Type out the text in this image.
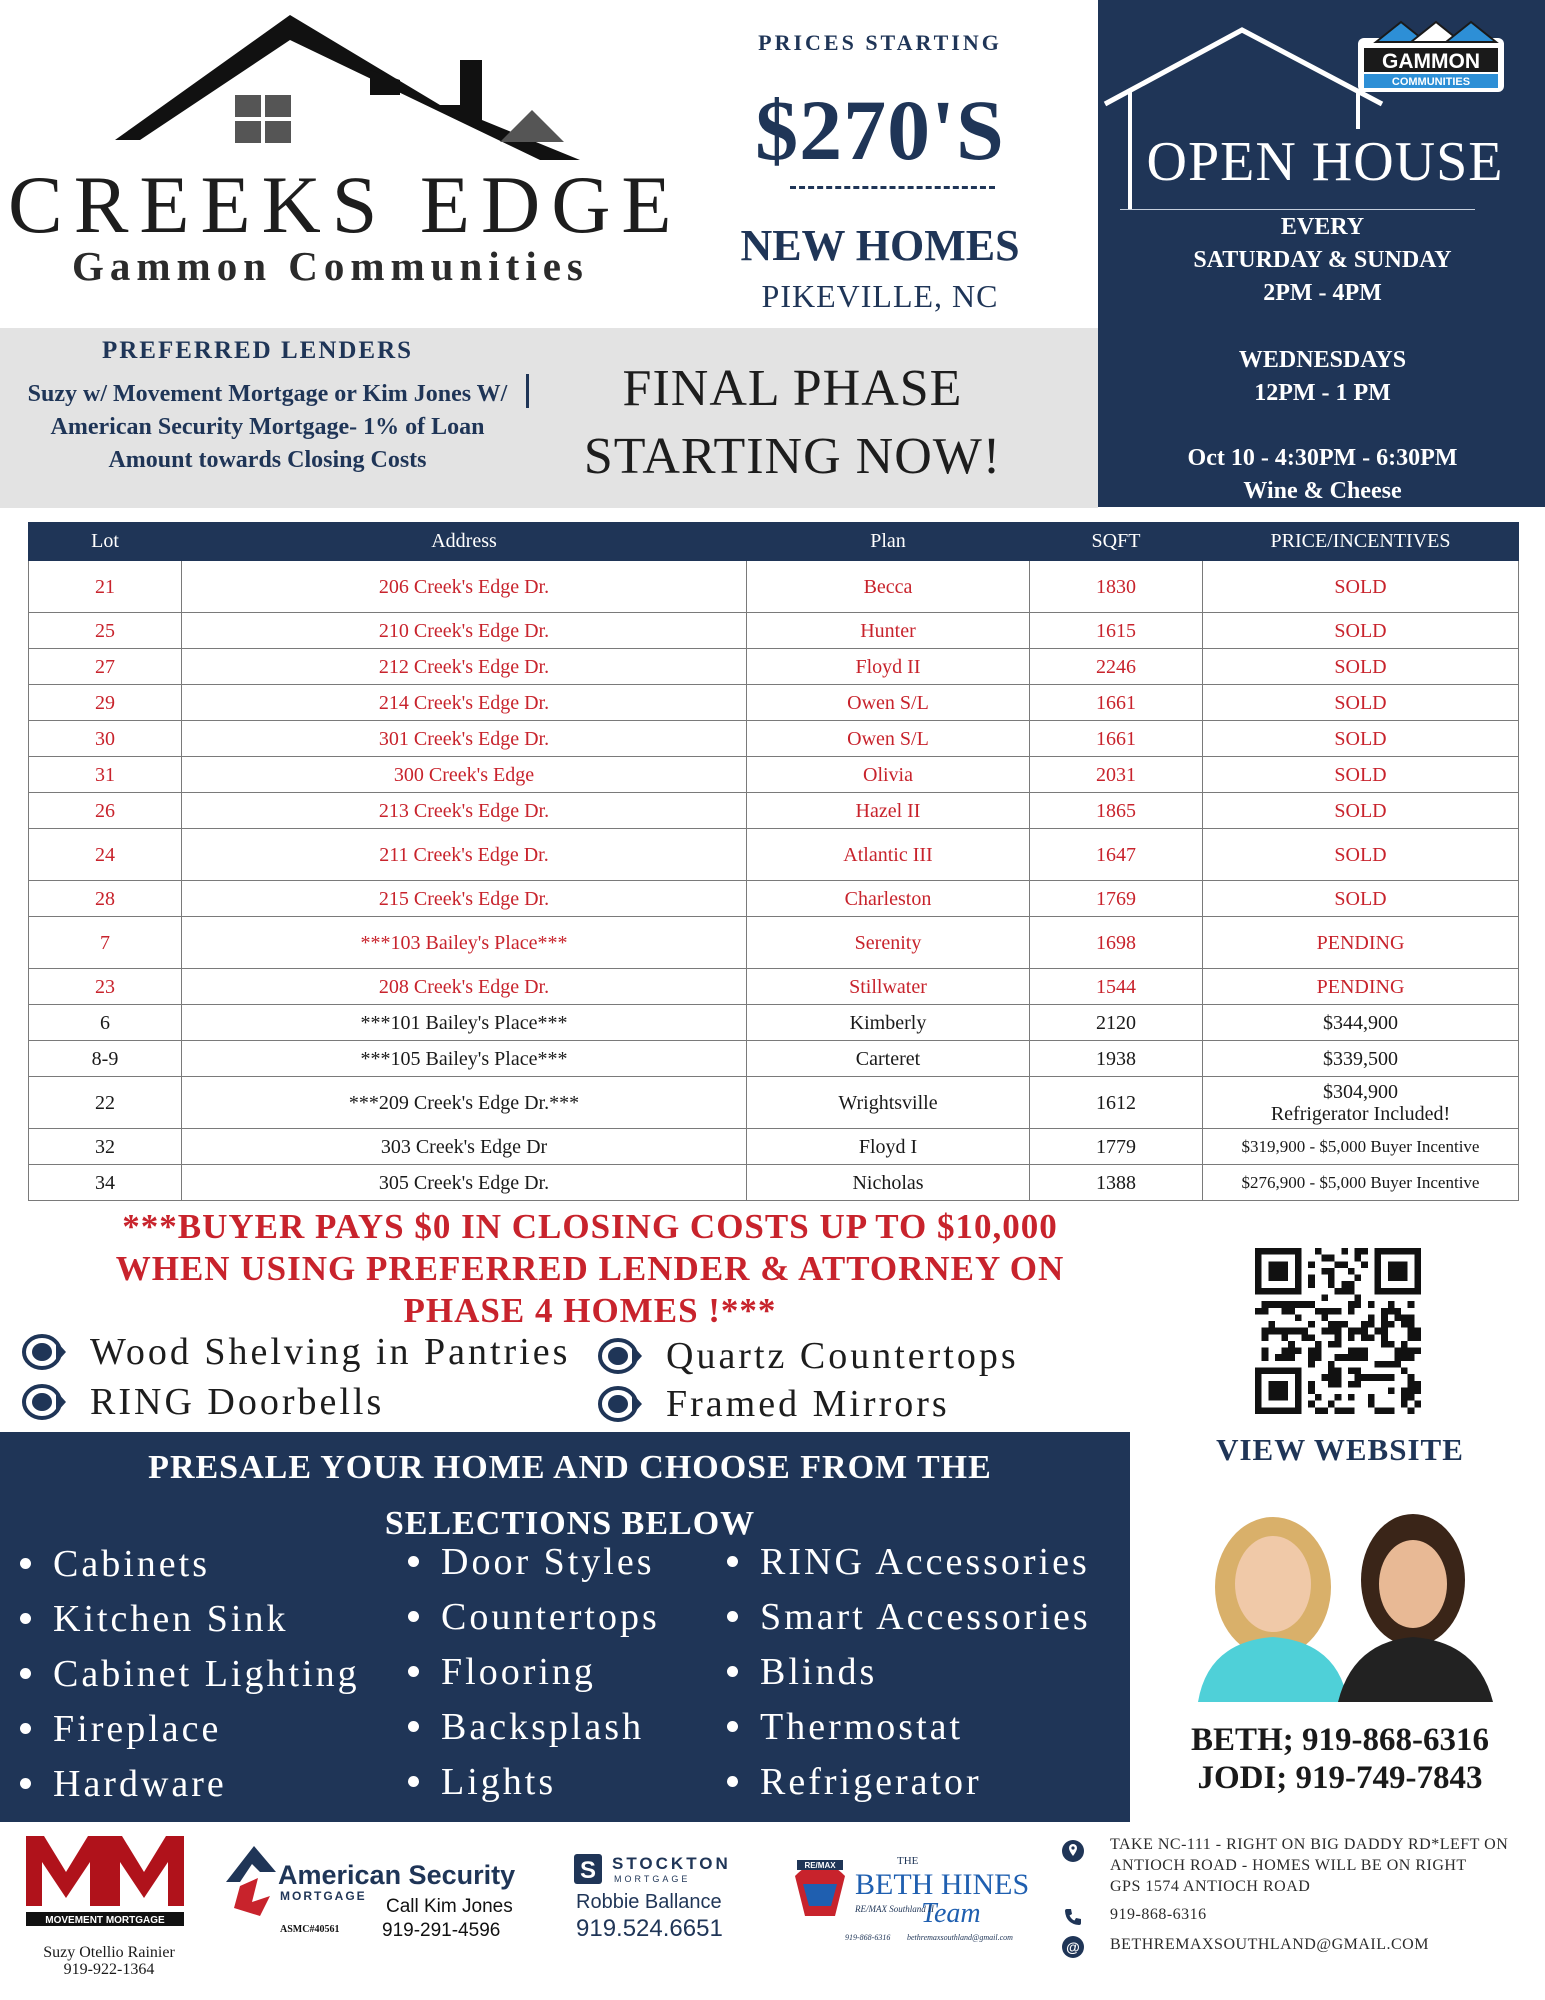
CREEKS EDGE
Gammon Communities
PRICES STARTING
$270'S
NEW HOMES
PIKEVILLE, NC
GAMMON
COMMUNITIES
OPEN HOUSE
EVERY
SATURDAY & SUNDAY
2PM - 4PM
WEDNESDAYS
12PM - 1 PM
Oct 10 - 4:30PM - 6:30PM
Wine & Cheese
PREFERRED LENDERS
Suzy w/ Movement Mortgage or Kim Jones W/ American Security Mortgage- 1% of Loan Amount towards Closing Costs
FINAL PHASE
STARTING NOW!
Lot	Address	Plan	SQFT	PRICE/INCENTIVES
21	206 Creek's Edge Dr.	Becca	1830	SOLD

25	210 Creek's Edge Dr.	Hunter	1615	SOLD

27	212 Creek's Edge Dr.	Floyd II	2246	SOLD

29	214 Creek's Edge Dr.	Owen S/L	1661	SOLD

30	301 Creek's Edge Dr.	Owen S/L	1661	SOLD

31	300 Creek's Edge	Olivia	2031	SOLD

26	213 Creek's Edge Dr.	Hazel II	1865	SOLD

24	211 Creek's Edge Dr.	Atlantic III	1647	SOLD

28	215 Creek's Edge Dr.	Charleston	1769	SOLD

7	***103 Bailey's Place***	Serenity	1698	PENDING

23	208 Creek's Edge Dr.	Stillwater	1544	PENDING

6	***101 Bailey's Place***	Kimberly	2120	$344,900

8-9	***105 Bailey's Place***	Carteret	1938	$339,500

22	***209 Creek's Edge Dr.***	Wrightsville	1612	$304,900
Refrigerator Included!

32	303 Creek's Edge Dr	Floyd I	1779	$319,900 - $5,000 Buyer Incentive

34	305 Creek's Edge Dr.	Nicholas	1388	$276,900 - $5,000 Buyer Incentive
***BUYER PAYS $0 IN CLOSING COSTS UP TO $10,000
WHEN USING PREFERRED LENDER & ATTORNEY ON
PHASE 4 HOMES !***
Wood Shelving in Pantries	Quartz Countertops
RING Doorbells	Framed Mirrors
VIEW WEBSITE
PRESALE YOUR HOME AND CHOOSE FROM THE
SELECTIONS BELOW
Cabinets
Kitchen Sink
Cabinet Lighting
Fireplace
Hardware
Door Styles
Countertops
Flooring
Backsplash
Lights
RING Accessories
Smart Accessories
Blinds
Thermostat
Refrigerator
BETH; 919-868-6316
JODI; 919-749-7843
MOVEMENT MORTGAGE
Suzy Otellio Rainier
919-922-1364
American Security
MORTGAGE Call Kim Jones
ASMC#40561 919-291-4596
S STOCKTON
MORTGAGE
Robbie Ballance
919.524.6651
RE/MAX	THE
BETH HINES
Team
RE/MAX Southland II
919-868-6316 bethremaxsouthland@gmail.com
TAKE NC-111 - RIGHT ON BIG DADDY RD*LEFT ON ANTIOCH ROAD - HOMES WILL BE ON RIGHT
GPS 1574 ANTIOCH ROAD
919-868-6316
@ BETHREMAXSOUTHLAND@GMAIL.COM
